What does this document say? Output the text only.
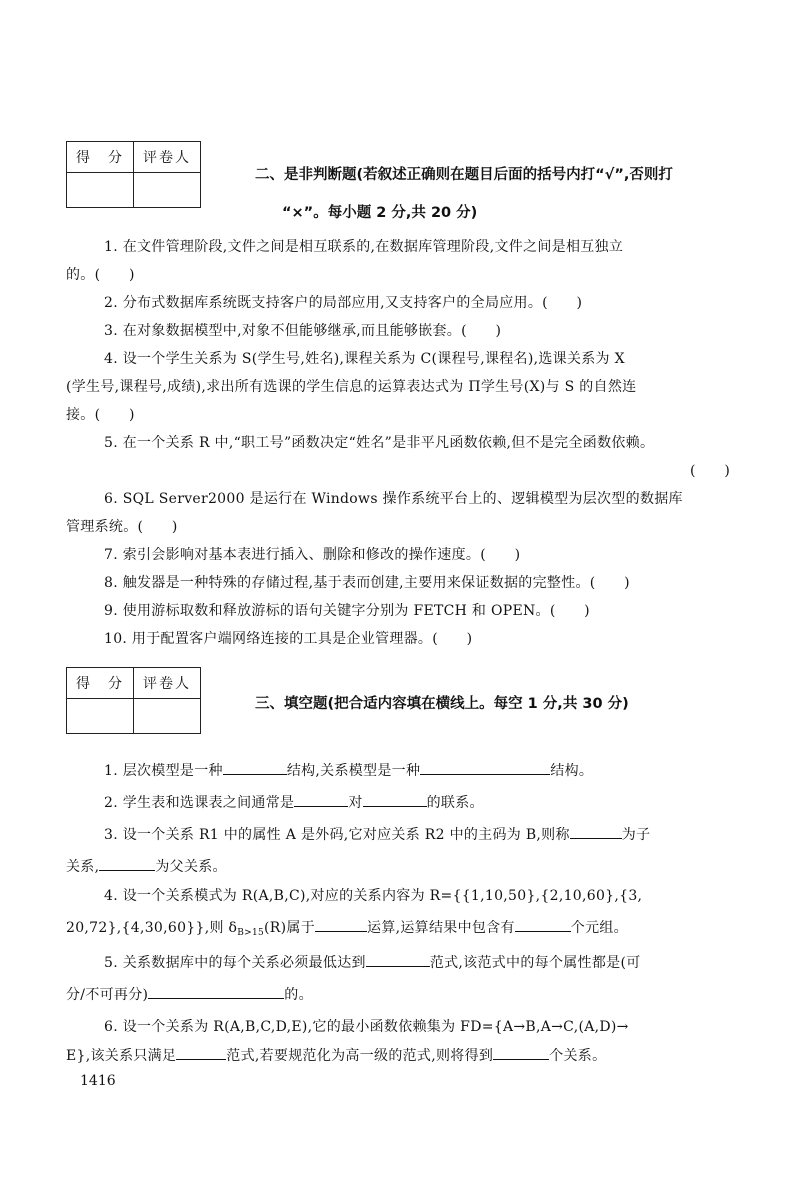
得　分	评卷人

二、是非判断题(若叙述正确则在题目后面的括号内打“√”,否则打
“×”。每小题 2 分,共 20 分)
1. 在文件管理阶段,文件之间是相互联系的,在数据库管理阶段,文件之间是相互独立
的。(　　)
2. 分布式数据库系统既支持客户的局部应用,又支持客户的全局应用。(　　)
3. 在对象数据模型中,对象不但能够继承,而且能够嵌套。(　　)
4. 设一个学生关系为 S(学生号,姓名),课程关系为 C(课程号,课程名),选课关系为 X
(学生号,课程号,成绩),求出所有选课的学生信息的运算表达式为 Π学生号(X)与 S 的自然连
接。(　　)
5. 在一个关系 R 中,“职工号”函数决定“姓名”是非平凡函数依赖,但不是完全函数依赖。
(　　)
6. SQL Server2000 是运行在 Windows 操作系统平台上的、逻辑模型为层次型的数据库
管理系统。(　　)
7. 索引会影响对基本表进行插入、删除和修改的操作速度。(　　)
8. 触发器是一种特殊的存储过程,基于表而创建,主要用来保证数据的完整性。(　　)
9. 使用游标取数和释放游标的语句关键字分别为 FETCH 和 OPEN。(　　)
10. 用于配置客户端网络连接的工具是企业管理器。(　　)
得　分	评卷人

三、填空题(把合适内容填在横线上。每空 1 分,共 30 分)
1. 层次模型是一种	结构,关系模型是一种	结构。
2. 学生表和选课表之间通常是	对	的联系。
3. 设一个关系 R1 中的属性 A 是外码,它对应关系 R2 中的主码为 B,则称	为子
关系,	为父关系。
4. 设一个关系模式为 R(A,B,C),对应的关系内容为 R={{1,10,50},{2,10,60},{3,
20,72},{4,30,60}},则 $\delta_{B>15}(R)$属于	运算,运算结果中包含有	个元组。
5. 关系数据库中的每个关系必须最低达到	范式,该范式中的每个属性都是(可
分/不可再分)	的。
6. 设一个关系为 R(A,B,C,D,E),它的最小函数依赖集为 FD={A→B,A→C,(A,D)→
E},该关系只满足	范式,若要规范化为高一级的范式,则将得到	个关系。
1416
